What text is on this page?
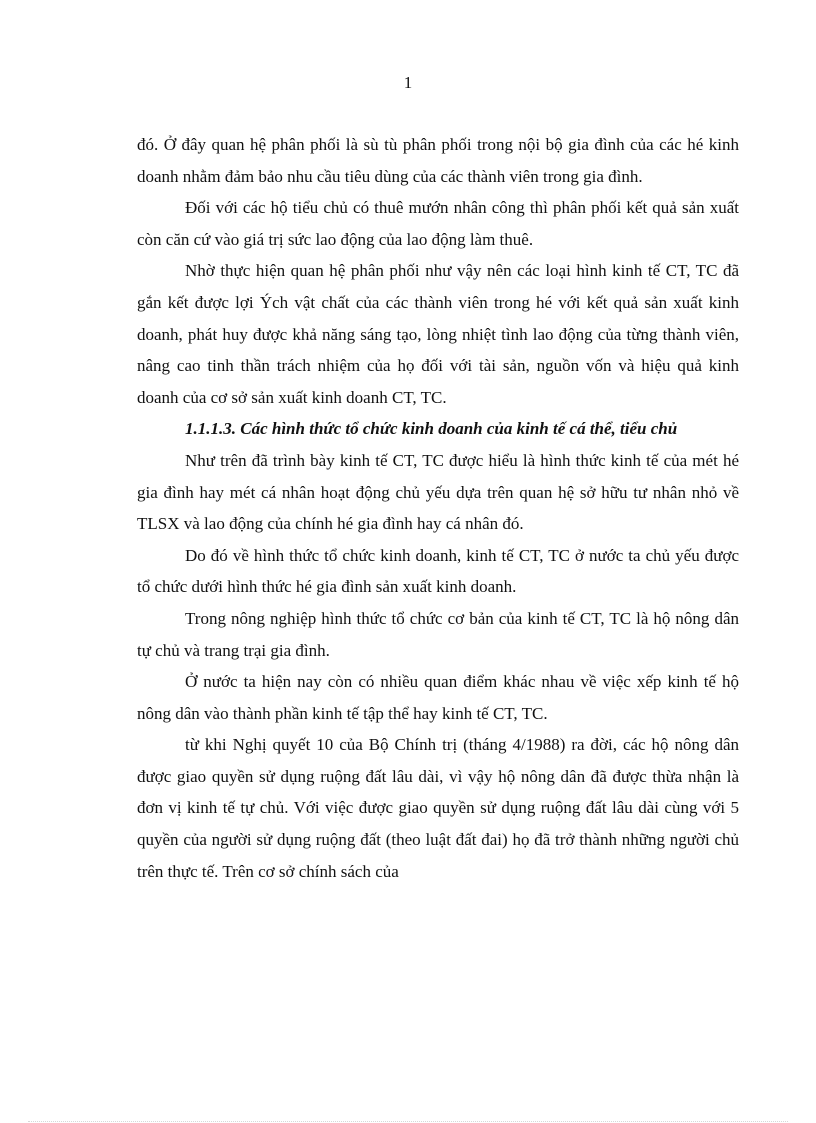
1

đó. Ở đây quan hệ phân phối là sù tù phân phối trong nội bộ gia đình của các hé kinh doanh nhằm đảm bảo nhu cầu tiêu dùng của các thành viên trong gia đình.

Đối với các hộ tiểu chủ có thuê mướn nhân công thì phân phối kết quả sản xuất còn căn cứ vào giá trị sức lao động của lao động làm thuê.

Nhờ thực hiện quan hệ phân phối như vậy nên các loại hình kinh tế CT, TC đã gắn kết được lợi Ých vật chất của các thành viên trong hé với kết quả sản xuất kinh doanh, phát huy được khả năng sáng tạo, lòng nhiệt tình lao động của từng thành viên, nâng cao tinh thần trách nhiệm của họ đối với tài sản, nguồn vốn và hiệu quả kinh doanh của cơ sở sản xuất kinh doanh CT, TC.

1.1.1.3. Các hình thức tổ chức kinh doanh của kinh tế cá thể, tiểu chủ

Như trên đã trình bày kinh tế CT, TC được hiểu là hình thức kinh tế của mét hé gia đình hay mét cá nhân hoạt động chủ yếu dựa trên quan hệ sở hữu tư nhân nhỏ về TLSX và lao động của chính hé gia đình hay cá nhân đó.

Do đó về hình thức tổ chức kinh doanh, kinh tế CT, TC ở nước ta chủ yếu được tổ chức dưới hình thức hé gia đình sản xuất kinh doanh.

Trong nông nghiệp hình thức tổ chức cơ bản của kinh tế CT, TC là hộ nông dân tự chủ và trang trại gia đình.

Ở nước ta hiện nay còn có nhiều quan điểm khác nhau về việc xếp kinh tế hộ nông dân vào thành phần kinh tế tập thể hay kinh tế CT, TC.

từ khi Nghị quyết 10 của Bộ Chính trị (tháng 4/1988) ra đời, các hộ nông dân được giao quyền sử dụng ruộng đất lâu dài, vì vậy hộ nông dân đã được thừa nhận là đơn vị kinh tế tự chủ. Với việc được giao quyền sử dụng ruộng đất lâu dài cùng với 5 quyền của người sử dụng ruộng đất (theo luật đất đai) họ đã trở thành những người chủ trên thực tế. Trên cơ sở chính sách của
